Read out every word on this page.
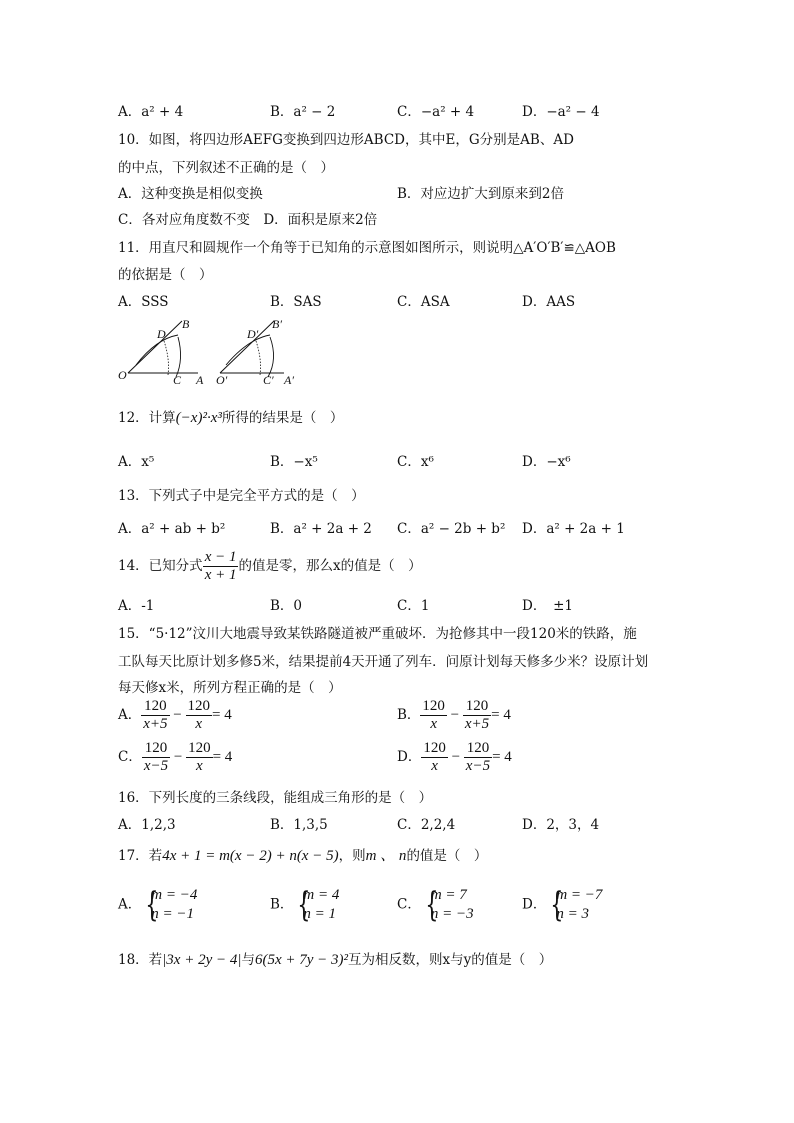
A．a² + 4	B．a² − 2	C．−a² + 4	D．−a² − 4
10．如图，将四边形AEFG变换到四边形ABCD，其中E，G分别是AB、AD
的中点，下列叙述不正确的是（　）
A．这种变换是相似变换	B．对应边扩大到原来到2倍
C．各对应角度数不变　D．面积是原来2倍
11．用直尺和圆规作一个角等于已知角的示意图如图所示，则说明△A′O′B′≌△AOB
的依据是（　）
A．SSS	B．SAS	C．ASA	D．AAS
O	C A
D
B
O′	C′ A′
D′
B′
12．计算(−x)²·x³所得的结果是（　）
A．x⁵	B．−x⁵	C．x⁶	D．−x⁶
13．下列式子中是完全平方式的是（　）
A．a² + ab + b²	B．a² + 2a + 2 C．a² − 2b + b² D．a² + 2a + 1
14．已知分式 $\frac{x - 1}{x + 1}$ 的值是零，那么x的值是（　）
A．-1	B．0	C．1	D．　±1
15．“5·12”汶川大地震导致某铁路隧道被严重破坏．为抢修其中一段120米的铁路，施
工队每天比原计划多修5米，结果提前4天开通了列车．问原计划每天修多少米？设原计划
每天修x米，所列方程正确的是（　）
A． $\frac{120}{x+5} - \frac{120}{x} = 4$	B． $\frac{120}{x} - \frac{120}{x+5} = 4$
C． $\frac{120}{x-5} - \frac{120}{x} = 4$	D． $\frac{120}{x} - \frac{120}{x-5} = 4$
16．下列长度的三条线段，能组成三角形的是（　）
A．1,2,3	B．1,3,5	C．2,2,4	D．2，3，4
17．若4x + 1 = m(x − 2) + n(x − 5)，则m 、 n的值是（　）
A． {
m = −4
n = −1
B． {
m = 4
n = 1
C． {
m = 7
n = −3
D． {
m = −7
n = 3
18．若|3x + 2y − 4|与6(5x + 7y − 3)²互为相反数，则x与y的值是（　）
